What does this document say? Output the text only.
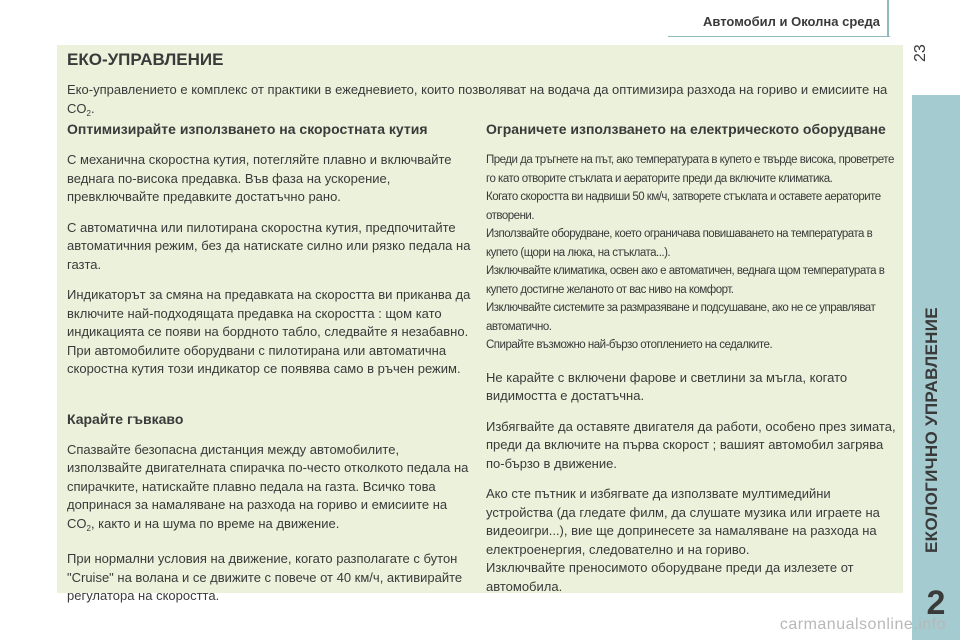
Автомобил и Околна среда
23
ЕКОЛОГИЧНО УПРАВЛЕНИЕ
2
ЕКО-УПРАВЛЕНИЕ
Еко-управлението е комплекс от практики в ежедневието, които позволяват на водача да оптимизира разхода на гориво и емисиите на $CO_2$.
Оптимизирайте използването на скоростната кутия

С механична скоростна кутия, потегляйте плавно и включвайте веднага по-висока предавка. Във фаза на ускорение, превключвайте предавките достатъчно рано.

С автоматична или пилотирана скоростна кутия, предпочитайте автоматичния режим, без да натискате силно или рязко педала на газта.

Индикаторът за смяна на предавката на скоростта ви приканва да включите най-подходящата предавка на скоростта : щом като индикацията се появи на бордното табло, следвайте я незабавно. При автомобилите оборудвани с пилотирана или автоматична скоростна кутия този индикатор се появява само в ръчен режим.

Карайте гъвкаво

Спазвайте безопасна дистанция между автомобилите, използвайте двигателната спирачка по-често отколкото педала на спирачките, натискайте плавно педала на газта. Всичко това допринася за намаляване на разхода на гориво и емисиите на $CO_2$, както и на шума по време на движение.

При нормални условия на движение, когато разполагате с бутон "Cruise" на волана и се движите с повече от 40 км/ч, активирайте регулатора на скоростта.

Ограничете използването на електрическото оборудване

Преди да тръгнете на път, ако температурата в купето е твърде висока, проветрете го като отворите стъклата и аераторите преди да включите климатика.

Когато скоростта ви надвиши 50 км/ч, затворете стъклата и оставете аераторите отворени.

Използвайте оборудване, което ограничава повишаването на температурата в купето (щори на люка, на стъклата...).

Изключвайте климатика, освен ако е автоматичен, веднага щом температурата в купето достигне желаното от вас ниво на комфорт.

Изключвайте системите за размразяване и подсушаване, ако не се управляват автоматично.

Спирайте възможно най-бързо отоплението на седалките.

Не карайте с включени фарове и светлини за мъгла, когато видимостта е достатъчна.

Избягвайте да оставяте двигателя да работи, особено през зимата, преди да включите на първа скорост ; вашият автомобил загрява по-бързо в движение.

Ако сте пътник и избягвате да използвате мултимедийни устройства (да гледате филм, да слушате музика или играете на видеоигри...), вие ще допринесете за намаляване на разхода на електроенергия, следователно и на гориво.

Изключвайте преносимото оборудване преди да излезете от автомобила.

carmanualsonline.info
